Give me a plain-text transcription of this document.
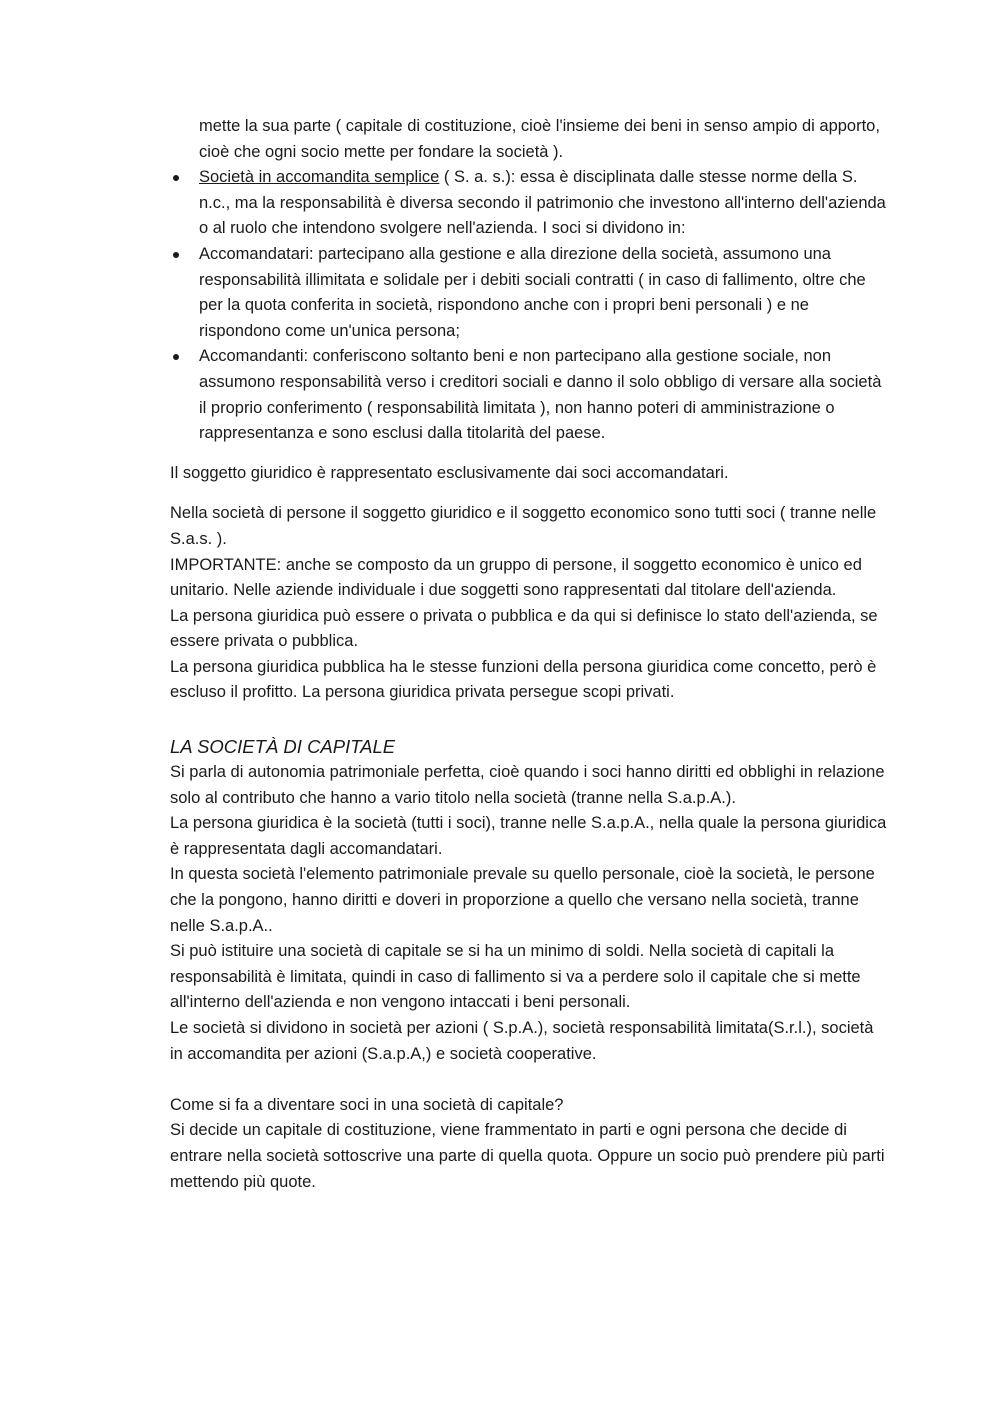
mette la sua parte ( capitale di costituzione, cioè l'insieme dei beni in senso ampio di apporto, cioè che ogni socio mette per fondare la società ).

Società in accomandita semplice ( S. a. s.): essa è disciplinata dalle stesse norme della S. n.c., ma la responsabilità è diversa secondo il patrimonio che investono all'interno dell'azienda o al ruolo che intendono svolgere nell'azienda. I soci si dividono in:
Accomandatari: partecipano alla gestione e alla direzione della società, assumono una responsabilità illimitata e solidale per i debiti sociali contratti ( in caso di fallimento, oltre che per la quota conferita in società, rispondono anche con i propri beni personali ) e ne rispondono come un'unica persona;
Accomandanti: conferiscono soltanto beni e non partecipano alla gestione sociale, non assumono responsabilità verso i creditori sociali e danno il solo obbligo di versare alla società il proprio conferimento ( responsabilità limitata ), non hanno poteri di amministrazione o rappresentanza e sono esclusi dalla titolarità del paese.

Il soggetto giuridico è rappresentato esclusivamente dai soci accomandatari.

Nella società di persone il soggetto giuridico e il soggetto economico sono tutti soci ( tranne nelle S.a.s. ).

IMPORTANTE: anche se composto da un gruppo di persone, il soggetto economico è unico ed unitario. Nelle aziende individuale i due soggetti sono rappresentati dal titolare dell'azienda.

La persona giuridica può essere o privata o pubblica e da qui si definisce lo stato dell'azienda, se essere privata o pubblica.

La persona giuridica pubblica ha le stesse funzioni della persona giuridica come concetto, però è escluso il profitto. La persona giuridica privata persegue scopi privati.

LA SOCIETÀ DI CAPITALE

Si parla di autonomia patrimoniale perfetta, cioè quando i soci hanno diritti ed obblighi in relazione solo al contributo che hanno a vario titolo nella società (tranne nella S.a.p.A.).

La persona giuridica è la società (tutti i soci), tranne nelle S.a.p.A., nella quale la persona giuridica è rappresentata dagli accomandatari.

In questa società l'elemento patrimoniale prevale su quello personale, cioè la società, le persone che la pongono, hanno diritti e doveri in proporzione a quello che versano nella società, tranne nelle S.a.p.A..

Si può istituire una società di capitale se si ha un minimo di soldi. Nella società di capitali la responsabilità è limitata, quindi in caso di fallimento si va a perdere solo il capitale che si mette all'interno dell'azienda e non vengono intaccati i beni personali.

Le società si dividono in società per azioni ( S.p.A.), società responsabilità limitata(S.r.l.), società in accomandita per azioni (S.a.p.A,) e società cooperative.

Come si fa a diventare soci in una società di capitale?

Si decide un capitale di costituzione, viene frammentato in parti e ogni persona che decide di entrare nella società sottoscrive una parte di quella quota. Oppure un socio può prendere più parti mettendo più quote.
